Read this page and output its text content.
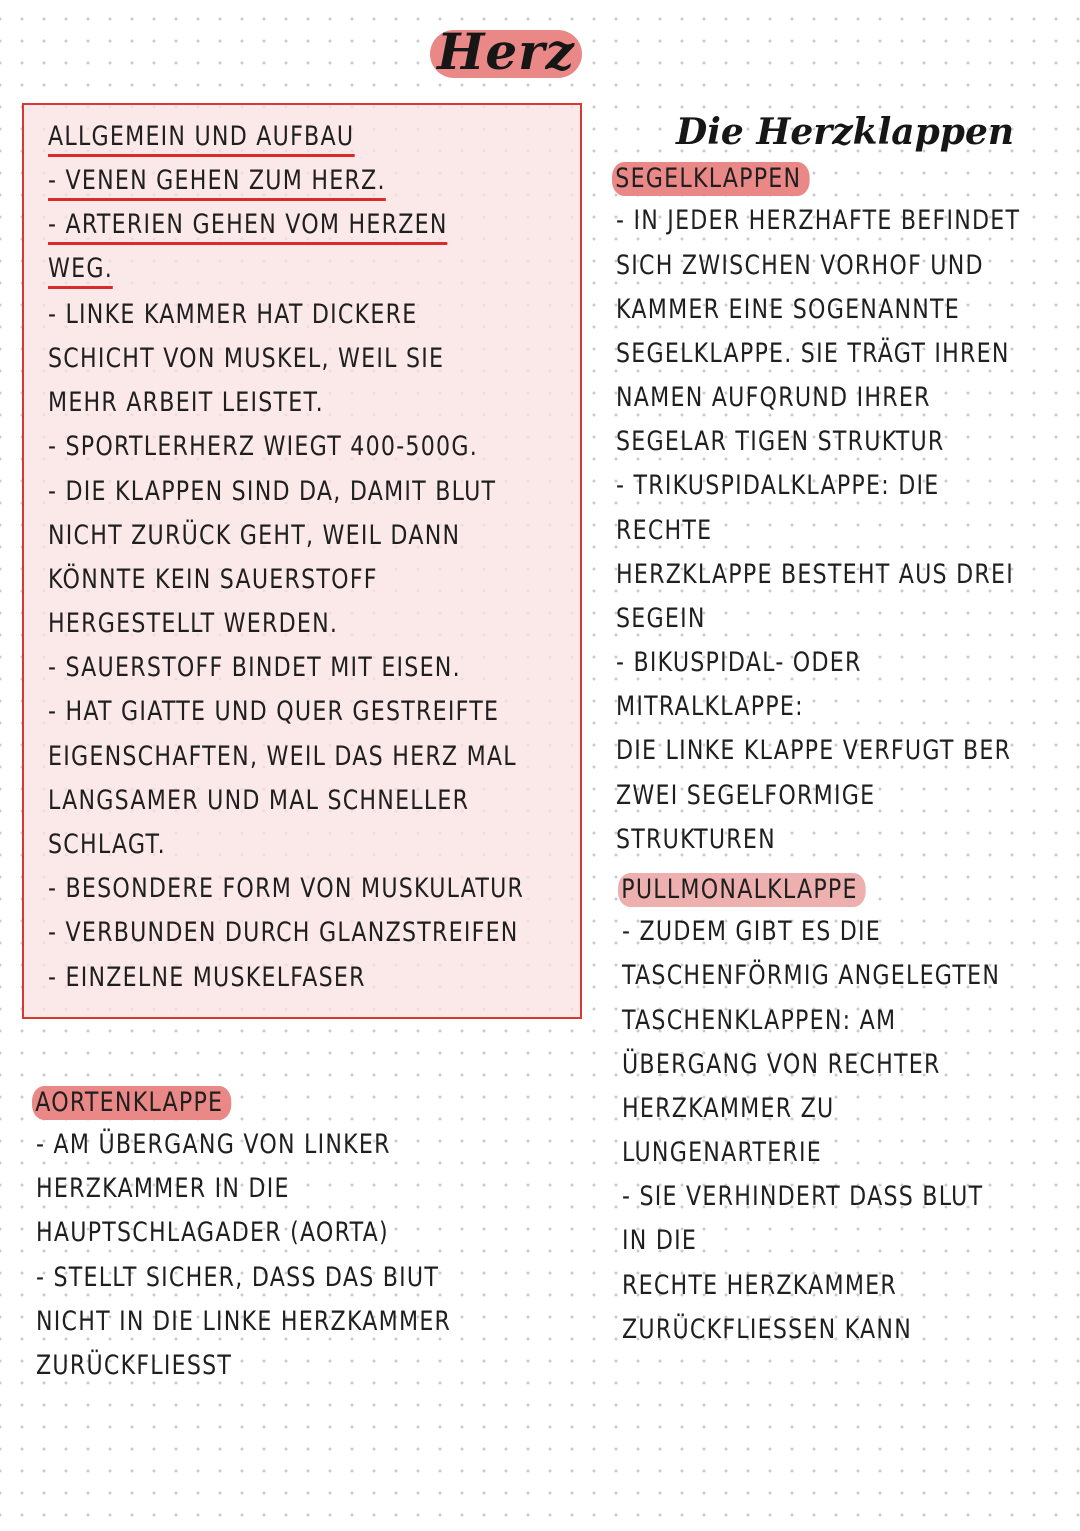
Herz
ALLGEMEIN UND AUFBAU
- VENEN GEHEN ZUM HERZ.
- ARTERIEN GEHEN VOM HERZEN
WEG.
- LINKE KAMMER HAT DICKERE
SCHICHT VON MUSKEL, WEIL SIE
MEHR ARBEIT LEISTET.
- SPORTLERHERZ WIEGT 400-500G.
- DIE KLAPPEN SIND DA, DAMIT BLUT
NICHT ZURÜCK GEHT, WEIL DANN
KÖNNTE KEIN SAUERSTOFF
HERGESTELLT WERDEN.
- SAUERSTOFF BINDET MIT EISEN.
- HAT GIATTE UND QUER GESTREIFTE
EIGENSCHAFTEN, WEIL DAS HERZ MAL
LANGSAMER UND MAL SCHNELLER
SCHLAGT.
- BESONDERE FORM VON MUSKULATUR
- VERBUNDEN DURCH GLANZSTREIFEN
- EINZELNE MUSKELFASER
AORTENKLAPPE
- AM ÜBERGANG VON LINKER
HERZKAMMER IN DIE
HAUPTSCHLAGADER (AORTA)
- STELLT SICHER, DASS DAS BIUT
NICHT IN DIE LINKE HERZKAMMER
ZURÜCKFLIESST
Die Herzklappen
SEGELKLAPPEN
- IN JEDER HERZHAFTE BEFINDET
SICH ZWISCHEN VORHOF UND
KAMMER EINE SOGENANNTE
SEGELKLAPPE. SIE TRÄGT IHREN
NAMEN AUFQRUND IHRER
SEGELAR TIGEN STRUKTUR
- TRIKUSPIDALKLAPPE: DIE
RECHTE
HERZKLAPPE BESTEHT AUS DREI
SEGEIN
- BIKUSPIDAL- ODER
MITRALKLAPPE:
DIE LINKE KLAPPE VERFUGT BER
ZWEI SEGELFORMIGE
STRUKTUREN
PULLMONALKLAPPE
- ZUDEM GIBT ES DIE
TASCHENFÖRMIG ANGELEGTEN
TASCHENKLAPPEN: AM
ÜBERGANG VON RECHTER
HERZKAMMER ZU
LUNGENARTERIE
- SIE VERHINDERT DASS BLUT
IN DIE
RECHTE HERZKAMMER
ZURÜCKFLIESSEN KANN
